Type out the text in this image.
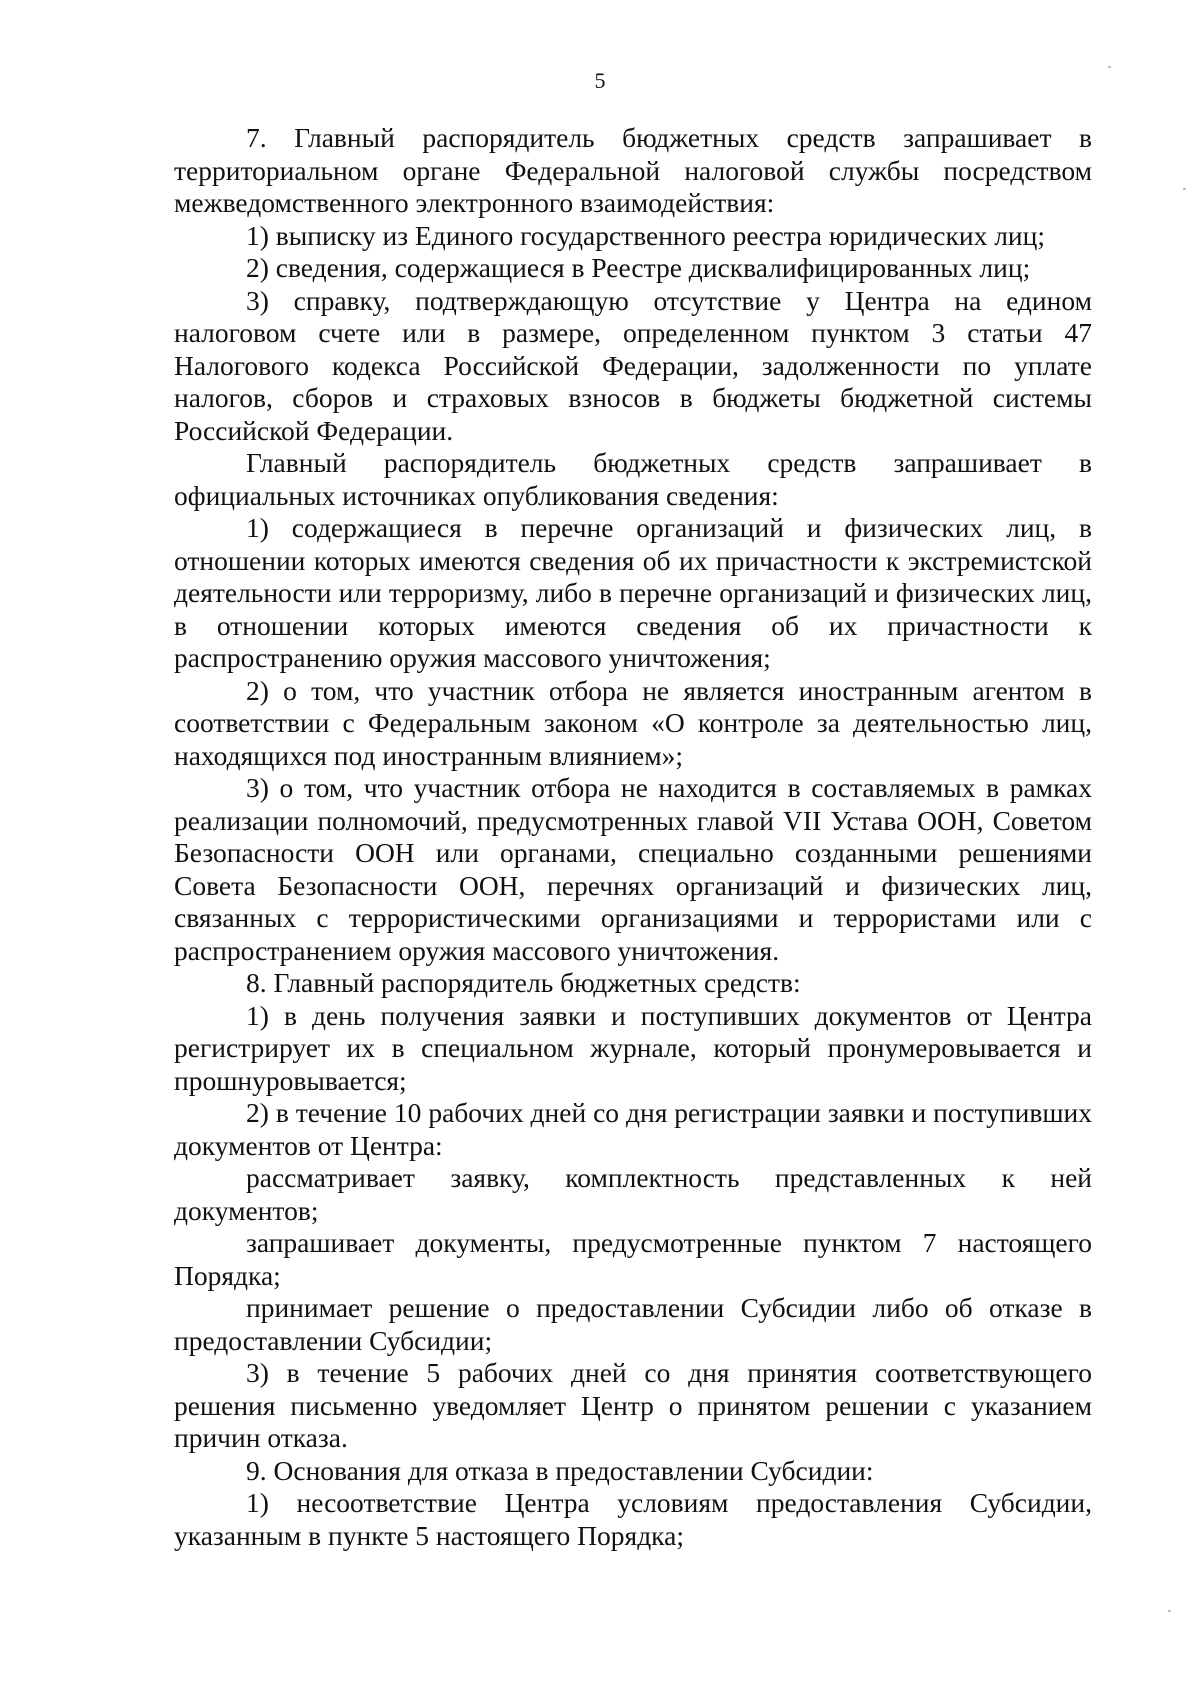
5

7. Главный распорядитель бюджетных средств запрашивает в территориальном органе Федеральной налоговой службы посредством межведомственного электронного взаимодействия:

1) выписку из Единого государственного реестра юридических лиц;

2) сведения, содержащиеся в Реестре дисквалифицированных лиц;

3) справку, подтверждающую отсутствие у Центра на едином налоговом счете или в размере, определенном пунктом 3 статьи 47 Налогового кодекса Российской Федерации, задолженности по уплате налогов, сборов и страховых взносов в бюджеты бюджетной системы Российской Федерации.

Главный распорядитель бюджетных средств запрашивает в официальных источниках опубликования сведения:

1) содержащиеся в перечне организаций и физических лиц, в отношении которых имеются сведения об их причастности к экстремистской деятельности или терроризму, либо в перечне организаций и физических лиц, в отношении которых имеются сведения об их причастности к распространению оружия массового уничтожения;

2) о том, что участник отбора не является иностранным агентом в соответствии с Федеральным законом «О контроле за деятельностью лиц, находящихся под иностранным влиянием»;

3) о том, что участник отбора не находится в составляемых в рамках реализации полномочий, предусмотренных главой VII Устава ООН, Советом Безопасности ООН или органами, специально созданными решениями Совета Безопасности ООН, перечнях организаций и физических лиц, связанных с террористическими организациями и террористами или с распространением оружия массового уничтожения.

8. Главный распорядитель бюджетных средств:

1) в день получения заявки и поступивших документов от Центра регистрирует их в специальном журнале, который пронумеровывается и прошнуровывается;

2) в течение 10 рабочих дней со дня регистрации заявки и поступивших документов от Центра:

рассматривает заявку, комплектность представленных к ней документов;

запрашивает документы, предусмотренные пунктом 7 настоящего Порядка;

принимает решение о предоставлении Субсидии либо об отказе в предоставлении Субсидии;

3) в течение 5 рабочих дней со дня принятия соответствующего решения письменно уведомляет Центр о принятом решении с указанием причин отказа.

9. Основания для отказа в предоставлении Субсидии:

1) несоответствие Центра условиям предоставления Субсидии, указанным в пункте 5 настоящего Порядка;
